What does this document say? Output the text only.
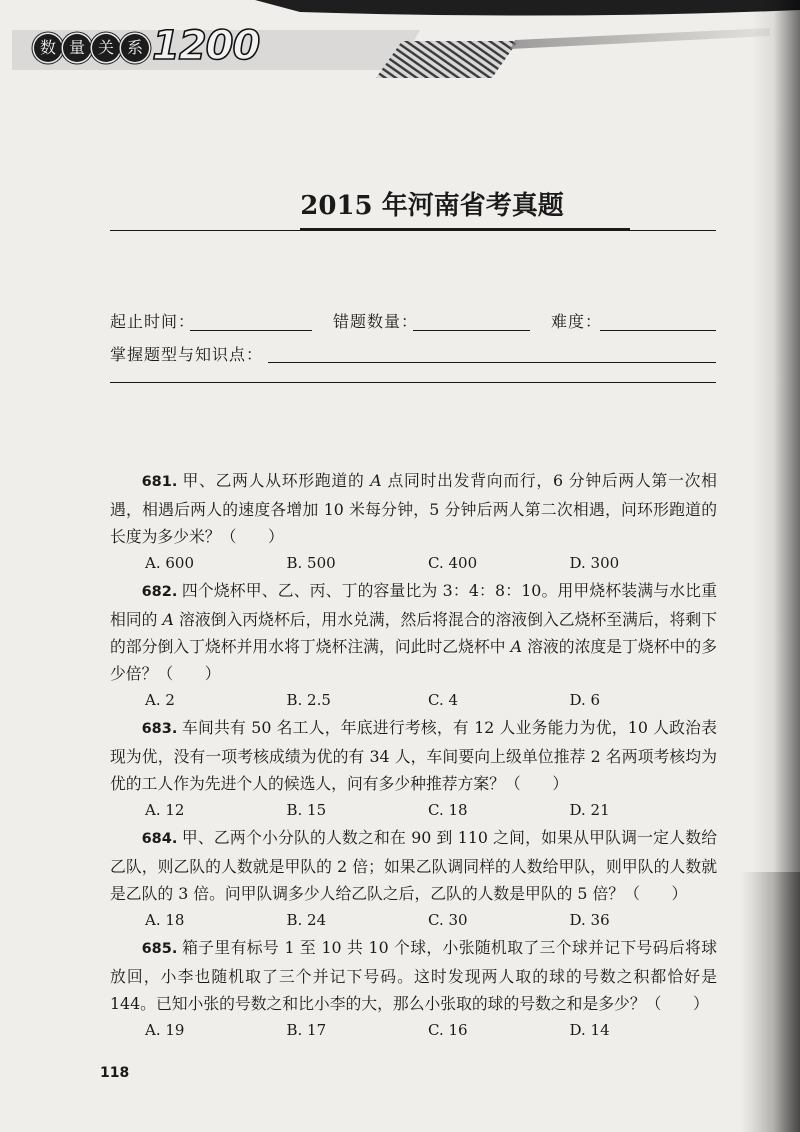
数 量 关 系 1200
2015 年河南省考真题
起止时间：	错题数量：	难度：
掌握题型与知识点：

681. 甲、乙两人从环形跑道的 A 点同时出发背向而行，6 分钟后两人第一次相遇，相遇后两人的速度各增加 10 米每分钟，5 分钟后两人第二次相遇，问环形跑道的长度为多少米？（　　）

A. 600	B. 500	C. 400	D. 300

682. 四个烧杯甲、乙、丙、丁的容量比为 3：4：8：10。用甲烧杯装满与水比重相同的 A 溶液倒入丙烧杯后，用水兑满，然后将混合的溶液倒入乙烧杯至满后，将剩下的部分倒入丁烧杯并用水将丁烧杯注满，问此时乙烧杯中 A 溶液的浓度是丁烧杯中的多少倍？（　　）

A. 2	B. 2.5	C. 4	D. 6

683. 车间共有 50 名工人，年底进行考核，有 12 人业务能力为优，10 人政治表现为优，没有一项考核成绩为优的有 34 人，车间要向上级单位推荐 2 名两项考核均为优的工人作为先进个人的候选人，问有多少种推荐方案？（　　）

A. 12	B. 15	C. 18	D. 21

684. 甲、乙两个小分队的人数之和在 90 到 110 之间，如果从甲队调一定人数给乙队，则乙队的人数就是甲队的 2 倍；如果乙队调同样的人数给甲队，则甲队的人数就是乙队的 3 倍。问甲队调多少人给乙队之后，乙队的人数是甲队的 5 倍？（　　）

A. 18	B. 24	C. 30	D. 36

685. 箱子里有标号 1 至 10 共 10 个球，小张随机取了三个球并记下号码后将球放回，小李也随机取了三个并记下号码。这时发现两人取的球的号数之积都恰好是 144。已知小张的号数之和比小李的大，那么小张取的球的号数之和是多少？（　　）

A. 19	B. 17	C. 16	D. 14
118
